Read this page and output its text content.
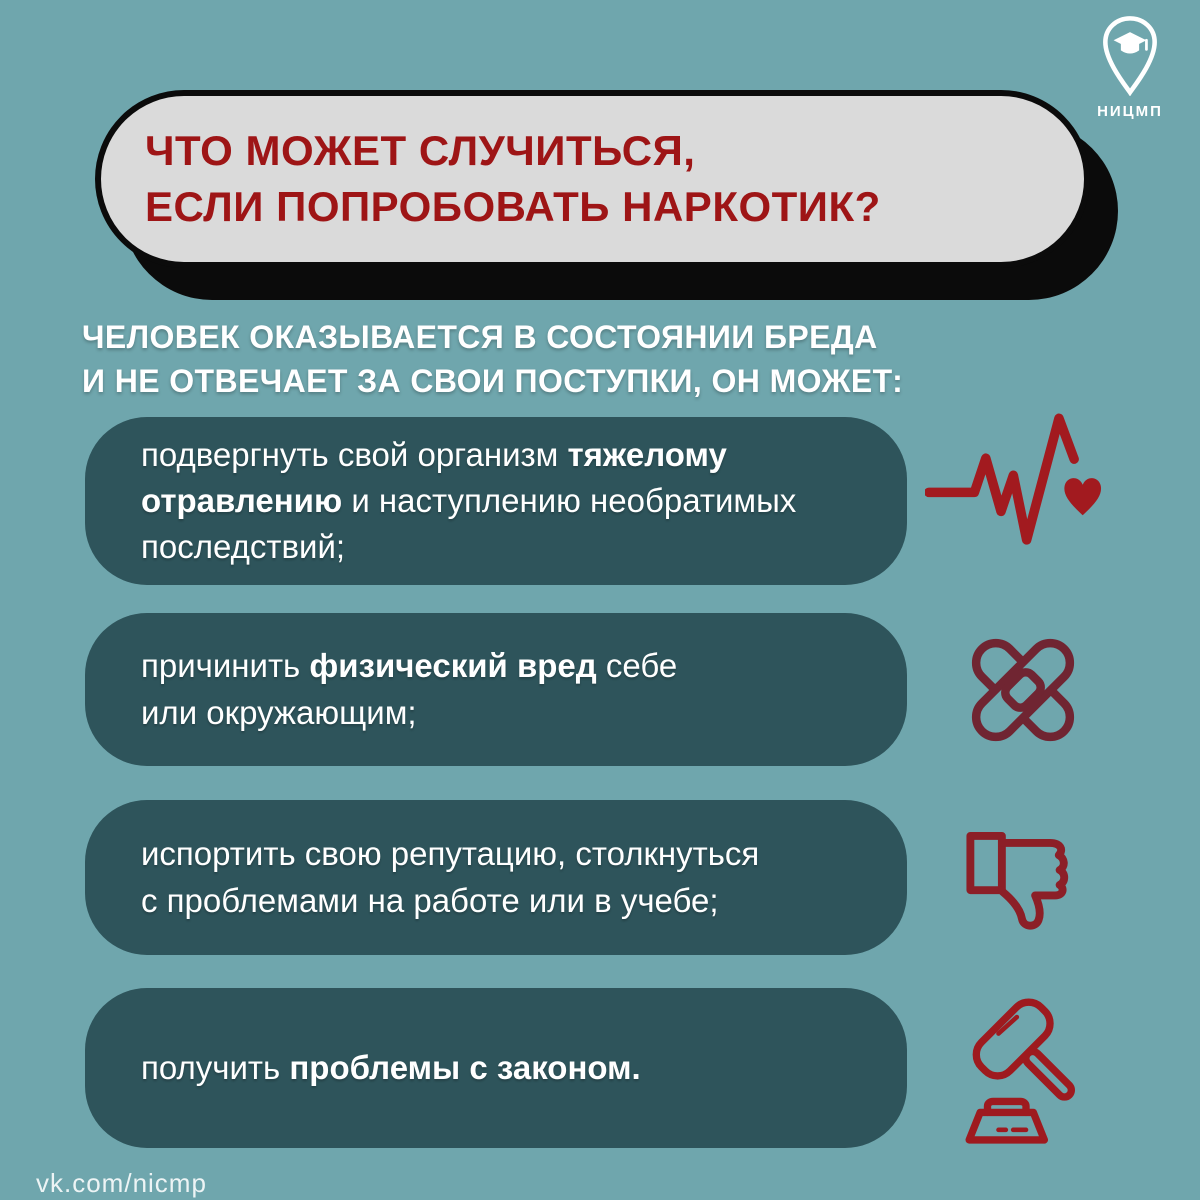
НИЦМП
ЧТО МОЖЕТ СЛУЧИТЬСЯ,
ЕСЛИ ПОПРОБОВАТЬ НАРКОТИК?
ЧЕЛОВЕК ОКАЗЫВАЕТСЯ В СОСТОЯНИИ БРЕДА
И НЕ ОТВЕЧАЕТ ЗА СВОИ ПОСТУПКИ, ОН МОЖЕТ:
подвергнуть свой организм тяжелому
отравлению и наступлению необратимых
последствий;
причинить физический вред себе
или окружающим;
испортить свою репутацию, столкнуться
с проблемами на работе или в учебе;
получить проблемы с законом.
vk.com/nicmp
